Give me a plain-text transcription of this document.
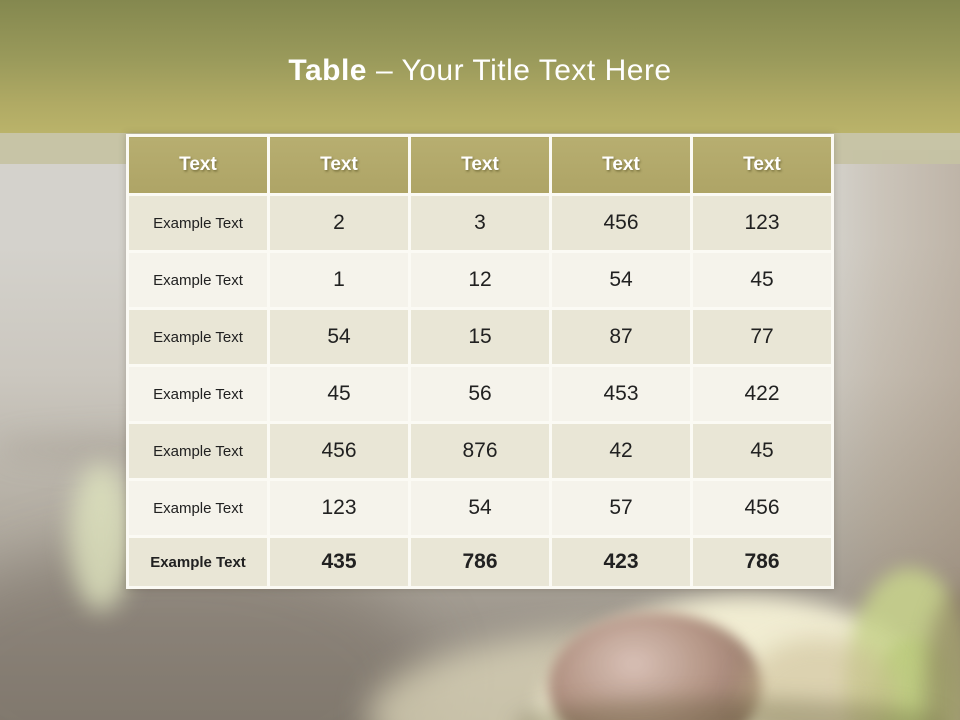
Table – Your Title Text Here
Text	Text	Text	Text	Text
Example Text	2	3	456	123
Example Text	1	12	54	45
Example Text	54	15	87	77
Example Text	45	56	453	422
Example Text	456	876	42	45
Example Text	123	54	57	456
Example Text	435	786	423	786
